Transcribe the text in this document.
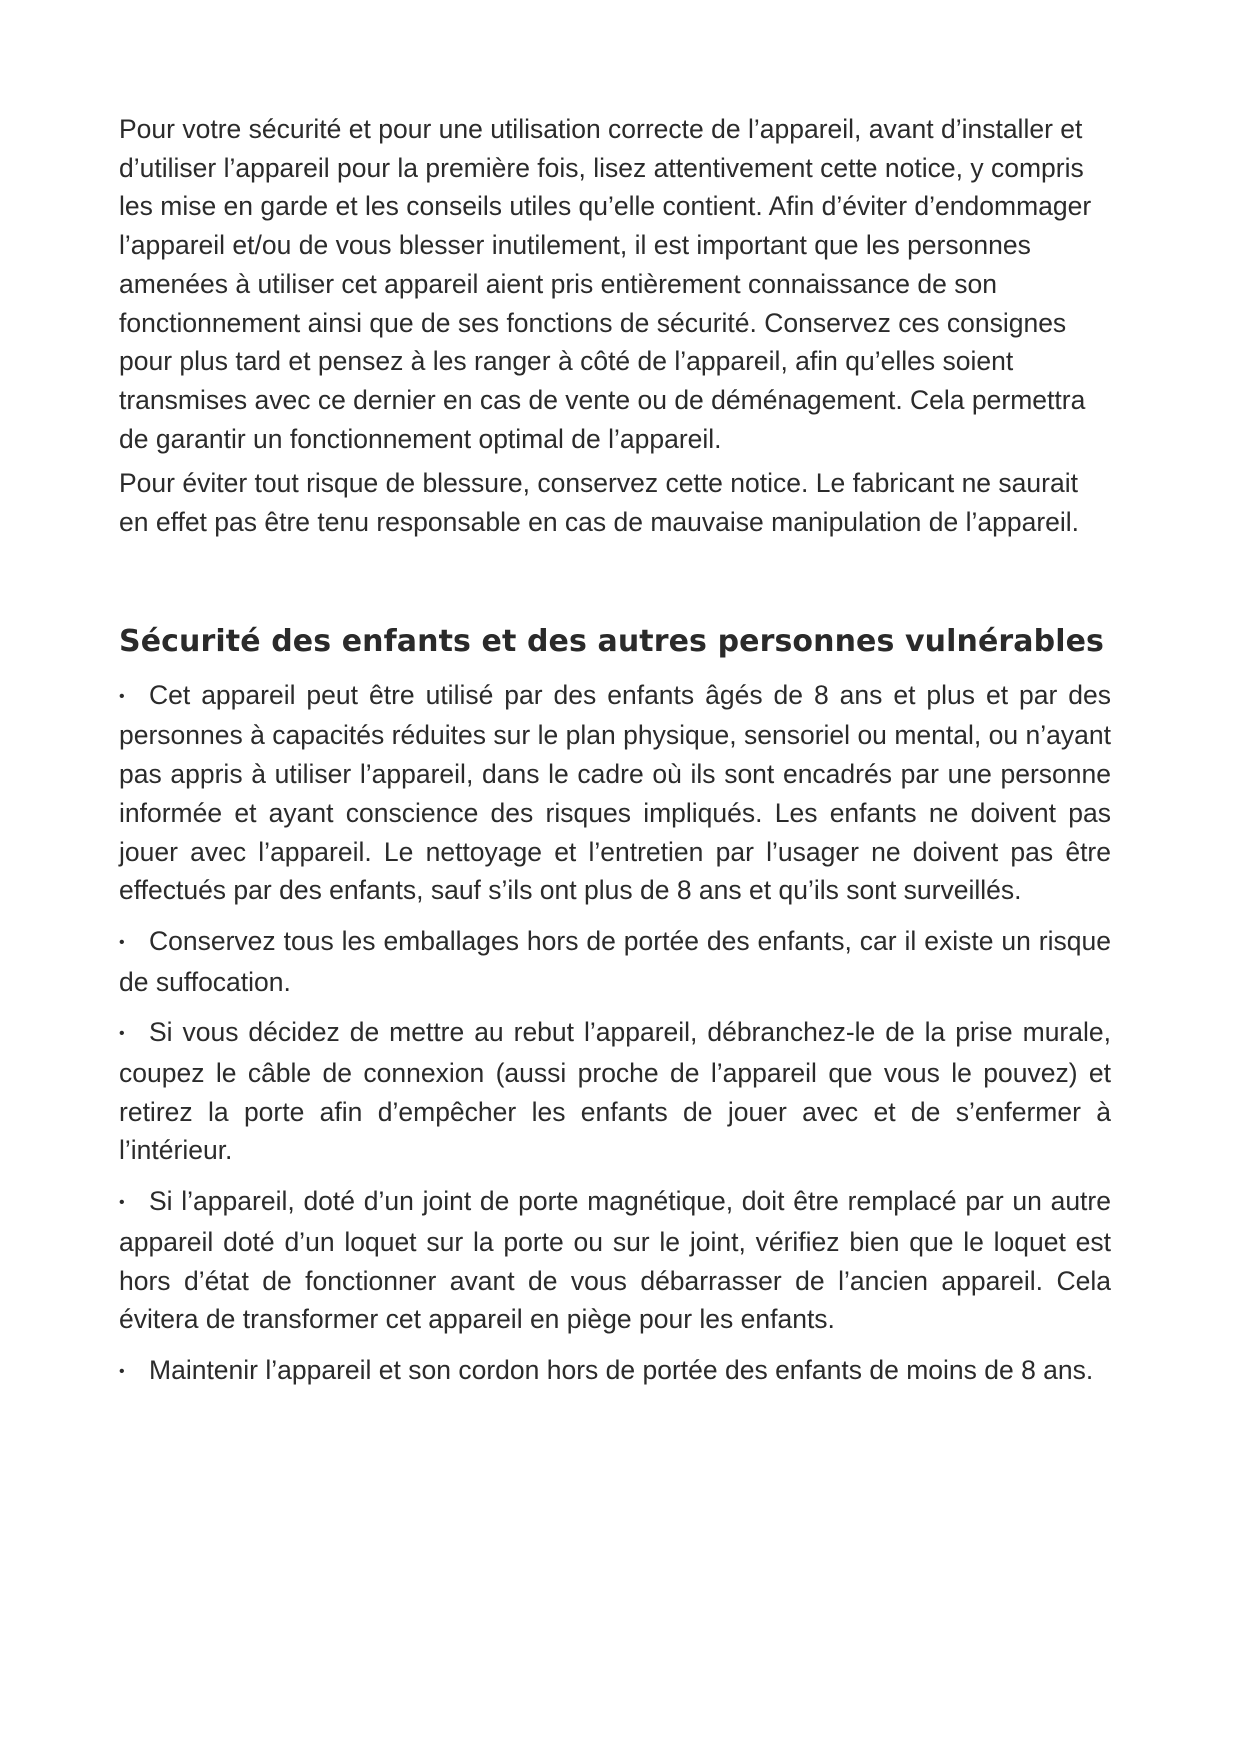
Pour votre sécurité et pour une utilisation correcte de l’appareil, avant d’installer et d’utiliser l’appareil pour la première fois, lisez attentivement cette notice, y compris les mise en garde et les conseils utiles qu’elle contient. Afin d’éviter d’endommager l’appareil et/ou de vous blesser inutilement, il est important que les personnes amenées à utiliser cet appareil aient pris entièrement connaissance de son fonctionnement ainsi que de ses fonctions de sécurité. Conservez ces consignes pour plus tard et pensez à les ranger à côté de l’appareil, afin qu’elles soient transmises avec ce dernier en cas de vente ou de déménagement. Cela permettra de garantir un fonctionnement optimal de l’appareil.

Pour éviter tout risque de blessure, conservez cette notice. Le fabricant ne saurait en effet pas être tenu responsable en cas de mauvaise manipulation de l’appareil.

Sécurité des enfants et des autres personnes vulnérables
• Cet appareil peut être utilisé par des enfants âgés de 8 ans et plus et par des personnes à capacités réduites sur le plan physique, sensoriel ou mental, ou n’ayant pas appris à utiliser l’appareil, dans le cadre où ils sont encadrés par une personne informée et ayant conscience des risques impliqués. Les enfants ne doivent pas jouer avec l’appareil. Le nettoyage et l’entretien par l’usager ne doivent pas être effectués par des enfants, sauf s’ils ont plus de 8 ans et qu’ils sont surveillés.
• Conservez tous les emballages hors de portée des enfants, car il existe un risque de suffocation.
• Si vous décidez de mettre au rebut l’appareil, débranchez-le de la prise murale, coupez le câble de connexion (aussi proche de l’appareil que vous le pouvez) et retirez la porte afin d’empêcher les enfants de jouer avec et de s’enfermer à l’intérieur.
• Si l’appareil, doté d’un joint de porte magnétique, doit être remplacé par un autre appareil doté d’un loquet sur la porte ou sur le joint, vérifiez bien que le loquet est hors d’état de fonctionner avant de vous débarrasser de l’ancien appareil. Cela évitera de transformer cet appareil en piège pour les enfants.
• Maintenir l’appareil et son cordon hors de portée des enfants de moins de 8 ans.
